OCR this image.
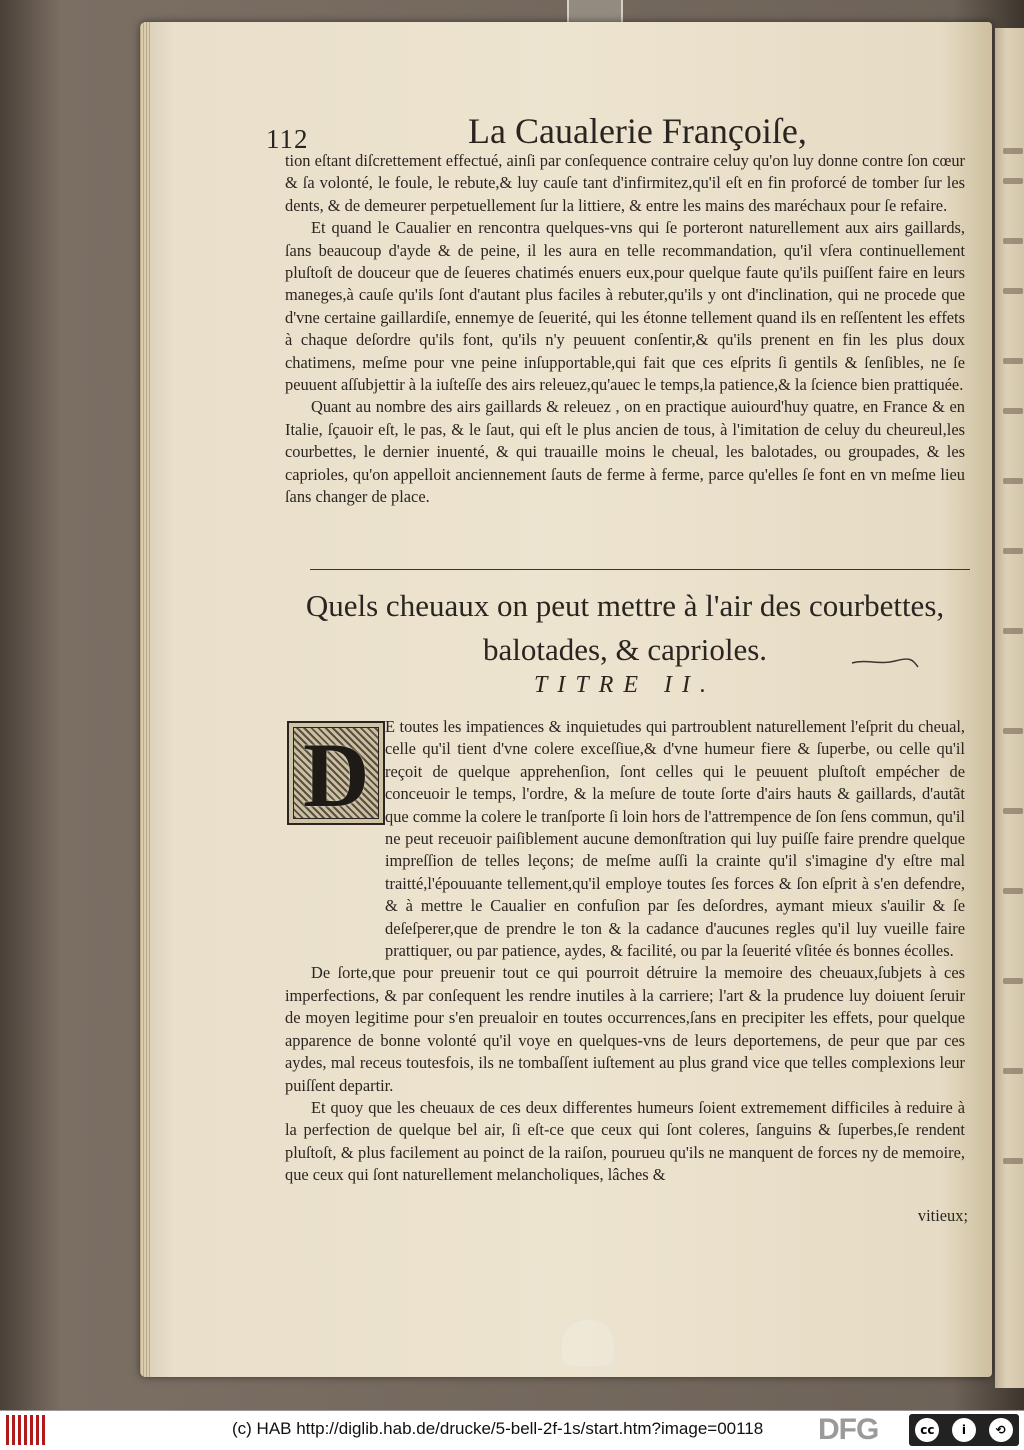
112	La Caualerie Françoiſe,

tion eſtant diſcrettement effectué, ainſi par conſequence contraire celuy qu'on luy donne contre ſon cœur & ſa volonté, le foule, le rebute,& luy cauſe tant d'infirmitez,qu'il eſt en fin proforcé de tomber ſur les dents, & de demeurer perpetuellement ſur la littiere, & entre les mains des maréchaux pour ſe refaire.

Et quand le Caualier en rencontra quelques-vns qui ſe porteront naturellement aux airs gaillards, ſans beaucoup d'ayde & de peine, il les aura en telle recommandation, qu'il vſera continuellement pluſtoſt de douceur que de ſeueres chatimés enuers eux,pour quelque faute qu'ils puiſſent faire en leurs maneges,à cauſe qu'ils ſont d'autant plus faciles à rebuter,qu'ils y ont d'inclination, qui ne procede que d'vne certaine gaillardiſe, ennemye de ſeuerité, qui les étonne tellement quand ils en reſſentent les effets à chaque deſordre qu'ils font, qu'ils n'y peuuent conſentir,& qu'ils prenent en fin les plus doux chatimens, meſme pour vne peine inſupportable,qui fait que ces eſprits ſi gentils & ſenſibles, ne ſe peuuent aſſubjettir à la iuſteſſe des airs releuez,qu'auec le temps,la patience,& la ſcience bien prattiquée.

Quant au nombre des airs gaillards & releuez , on en practique auiourd'huy quatre, en France & en Italie, ſçauoir eſt, le pas, & le ſaut, qui eſt le plus ancien de tous, à l'imitation de celuy du cheureul,les courbettes, le dernier inuenté, & qui trauaille moins le cheual, les balotades, ou groupades, & les caprioles, qu'on appelloit anciennement ſauts de ferme à ferme, parce qu'elles ſe font en vn meſme lieu ſans changer de place.

Quels cheuaux on peut mettre à l'air des courbettes,
balotades, & caprioles.
TITRE II.
D E toutes les impatiences & inquietudes qui partroublent naturellement l'eſprit du cheual, celle qu'il tient d'vne colere exceſſiue,& d'vne humeur fiere & ſuperbe, ou celle qu'il reçoit de quelque apprehenſion, ſont celles qui le peuuent pluſtoſt empécher de conceuoir le temps, l'ordre, & la meſure de toute ſorte d'airs hauts & gaillards, d'autãt que comme la colere le tranſporte ſi loin hors de l'attrempence de ſon ſens commun, qu'il ne peut receuoir paiſiblement aucune demonſtration qui luy puiſſe faire prendre quelque impreſſion de telles leçons; de meſme auſſi la crainte qu'il s'imagine d'y eſtre mal traitté,l'épouuante tellement,qu'il employe toutes ſes forces & ſon eſprit à s'en defendre, & à mettre le Caualier en confuſion par ſes deſordres, aymant mieux s'auilir & ſe deſeſperer,que de prendre le ton & la cadance d'aucunes regles qu'il luy vueille faire prattiquer, ou par patience, aydes, & facilité, ou par la ſeuerité vſitée és bonnes écolles.

De ſorte,que pour preuenir tout ce qui pourroit détruire la memoire des cheuaux,ſubjets à ces imperfections, & par conſequent les rendre inutiles à la carriere; l'art & la prudence luy doiuent ſeruir de moyen legitime pour s'en preualoir en toutes occurrences,ſans en precipiter les effets, pour quelque apparence de bonne volonté qu'il voye en quelques-vns de leurs deportemens, de peur que par ces aydes, mal receus toutesfois, ils ne tombaſſent iuſtement au plus grand vice que telles complexions leur puiſſent departir.

Et quoy que les cheuaux de ces deux differentes humeurs ſoient extremement difficiles à reduire à la perfection de quelque bel air, ſi eſt-ce que ceux qui ſont coleres, ſanguins & ſuperbes,ſe rendent pluſtoſt, & plus facilement au poinct de la raiſon, pourueu qu'ils ne manquent de forces ny de memoire, que ceux qui ſont naturellement melancholiques, lâches &

vitieux;
(c) HAB http://diglib.hab.de/drucke/5-bell-2f-1s/start.htm?image=00118 DFG	cc	i	⟲
